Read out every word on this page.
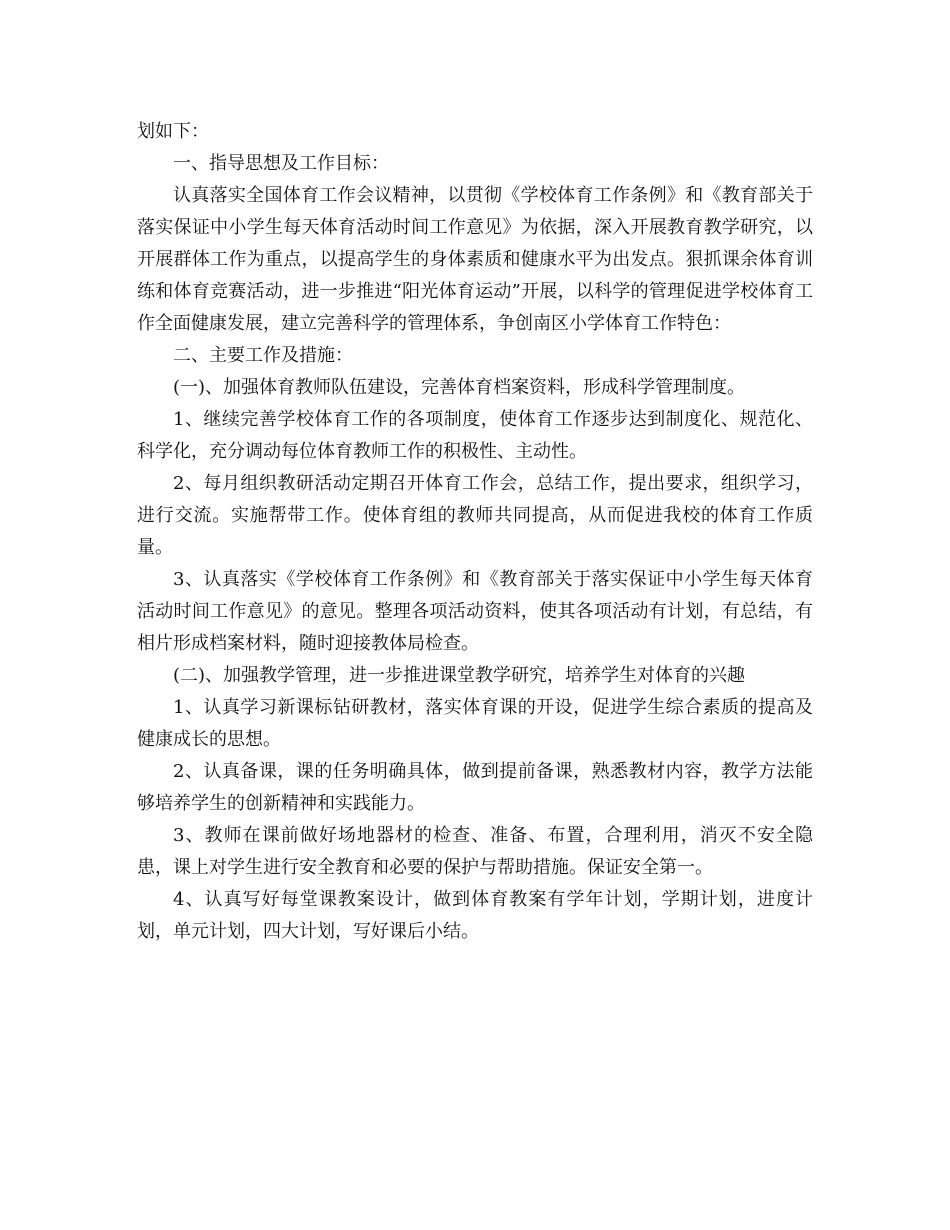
划如下：

一、指导思想及工作目标：

认真落实全国体育工作会议精神，以贯彻《学校体育工作条例》和《教育部关于落实保证中小学生每天体育活动时间工作意见》为依据，深入开展教育教学研究，以开展群体工作为重点，以提高学生的身体素质和健康水平为出发点。狠抓课余体育训练和体育竞赛活动，进一步推进“阳光体育运动”开展，以科学的管理促进学校体育工作全面健康发展，建立完善科学的管理体系，争创南区小学体育工作特色：

二、主要工作及措施：

(一)、加强体育教师队伍建设，完善体育档案资料，形成科学管理制度。

1、继续完善学校体育工作的各项制度，使体育工作逐步达到制度化、规范化、科学化，充分调动每位体育教师工作的积极性、主动性。

2、每月组织教研活动定期召开体育工作会，总结工作，提出要求，组织学习，进行交流。实施帮带工作。使体育组的教师共同提高，从而促进我校的体育工作质量。

3、认真落实《学校体育工作条例》和《教育部关于落实保证中小学生每天体育活动时间工作意见》的意见。整理各项活动资料，使其各项活动有计划，有总结，有相片形成档案材料，随时迎接教体局检查。

(二)、加强教学管理，进一步推进课堂教学研究，培养学生对体育的兴趣

1、认真学习新课标钻研教材，落实体育课的开设，促进学生综合素质的提高及健康成长的思想。

2、认真备课，课的任务明确具体，做到提前备课，熟悉教材内容，教学方法能够培养学生的创新精神和实践能力。

3、教师在课前做好场地器材的检查、准备、布置，合理利用，消灭不安全隐患，课上对学生进行安全教育和必要的保护与帮助措施。保证安全第一。

4、认真写好每堂课教案设计，做到体育教案有学年计划，学期计划，进度计划，单元计划，四大计划，写好课后小结。
